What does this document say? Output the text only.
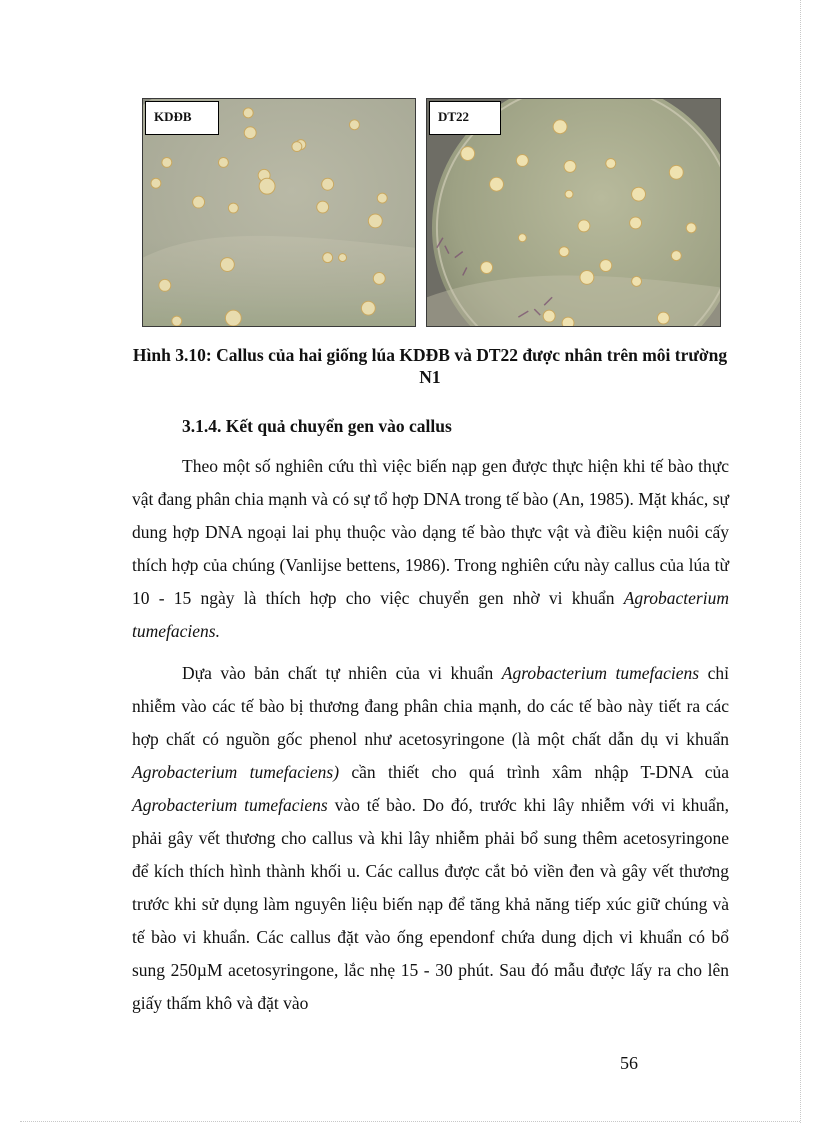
KDĐB	DT22
Hình 3.10: Callus của hai giống lúa KDĐB và DT22 được nhân trên môi trường N1
3.1.4. Kết quả chuyển gen vào callus

Theo một số nghiên cứu thì việc biến nạp gen được thực hiện khi tế bào thực vật đang phân chia mạnh và có sự tổ hợp DNA trong tế bào (An, 1985). Mặt khác, sự dung hợp DNA ngoại lai phụ thuộc vào dạng tế bào thực vật và điều kiện nuôi cấy thích hợp của chúng (Vanlijse bettens, 1986). Trong nghiên cứu này callus của lúa từ 10 - 15 ngày là thích hợp cho việc chuyển gen nhờ vi khuẩn Agrobacterium tumefaciens.

Dựa vào bản chất tự nhiên của vi khuẩn Agrobacterium tumefaciens chỉ nhiễm vào các tế bào bị thương đang phân chia mạnh, do các tế bào này tiết ra các hợp chất có nguồn gốc phenol như acetosyringone (là một chất dẫn dụ vi khuẩn Agrobacterium tumefaciens) cần thiết cho quá trình xâm nhập T-DNA của Agrobacterium tumefaciens vào tế bào. Do đó, trước khi lây nhiễm với vi khuẩn, phải gây vết thương cho callus và khi lây nhiễm phải bổ sung thêm acetosyringone để kích thích hình thành khối u. Các callus được cắt bỏ viền đen và gây vết thương trước khi sử dụng làm nguyên liệu biến nạp để tăng khả năng tiếp xúc giữ chúng và tế bào vi khuẩn. Các callus đặt vào ống ependonf chứa dung dịch vi khuẩn có bổ sung 250µM acetosyringone, lắc nhẹ 15 - 30 phút. Sau đó mẫu được lấy ra cho lên giấy thấm khô và đặt vào

56
